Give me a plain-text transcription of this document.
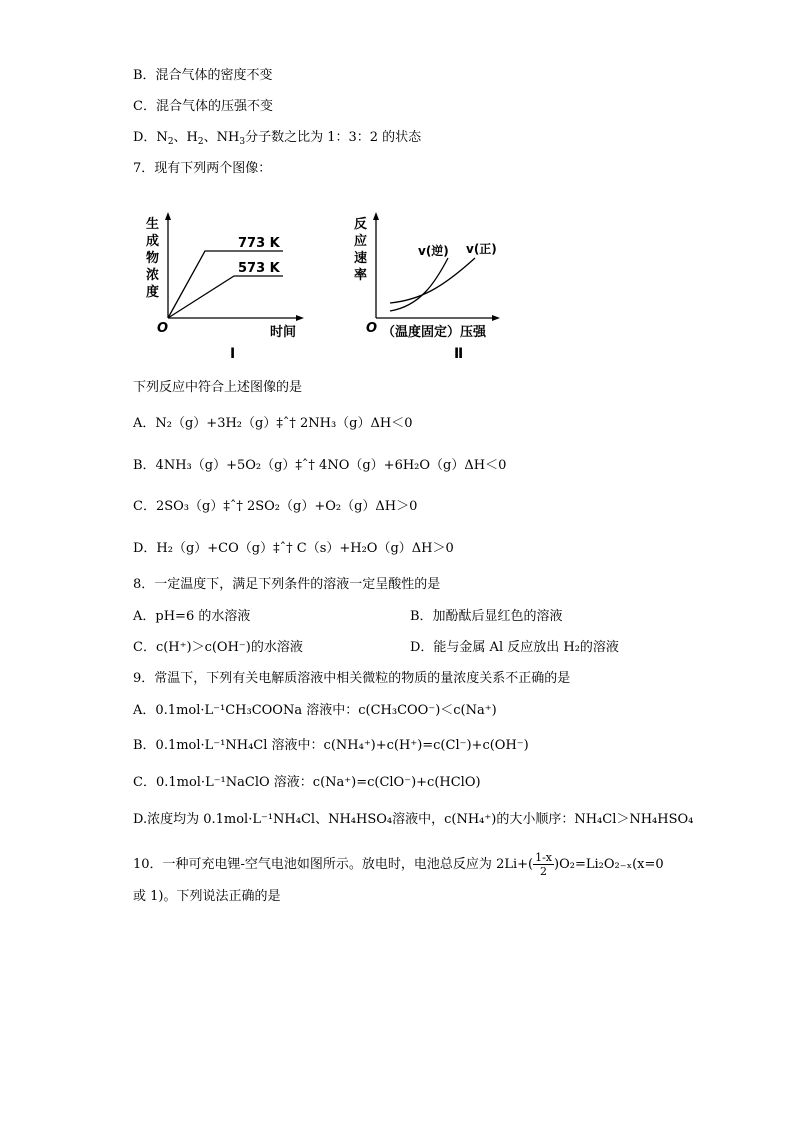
B．混合气体的密度不变
C．混合气体的压强不变
D．$N_2$、$H_2$、$NH_3$分子数之比为 1：3：2 的状态
7．现有下列两个图像：
生
成
物
浓
度
773 K
573 K
O	时间
Ⅰ
反
应
速
率
v(逆) v(正)
O （温度固定）压强
Ⅱ
下列反应中符合上述图像的是
A．N₂（g）+3H₂（g）‡ˆ† 2NH₃（g）ΔH＜0
B．4NH₃（g）+5O₂（g）‡ˆ† 4NO（g）+6H₂O（g）ΔH＜0
C．2SO₃（g）‡ˆ† 2SO₂（g）+O₂（g）ΔH＞0
D．H₂（g）+CO（g）‡ˆ† C（s）+H₂O（g）ΔH＞0
8．一定温度下，满足下列条件的溶液一定呈酸性的是
A．pH=6 的水溶液	B．加酚酞后显红色的溶液
C．c(H⁺)＞c(OH⁻)的水溶液	D．能与金属 Al 反应放出 H₂的溶液
9．常温下，下列有关电解质溶液中相关微粒的物质的量浓度关系不正确的是
A．0.1mol·L⁻¹CH₃COONa 溶液中：c(CH₃COO⁻)＜c(Na⁺)
B．0.1mol·L⁻¹NH₄Cl 溶液中：c(NH₄⁺)+c(H⁺)=c(Cl⁻)+c(OH⁻)
C．0.1mol·L⁻¹NaClO 溶液：c(Na⁺)=c(ClO⁻)+c(HClO)
D.浓度均为 0.1mol·L⁻¹NH₄Cl、NH₄HSO₄溶液中，c(NH₄⁺)的大小顺序：NH₄Cl＞NH₄HSO₄
10．一种可充电锂-空气电池如图所示。放电时，电池总反应为 $2Li+( \frac{1-x}{2} )O_2=Li_2O_{2-x}(x=0$
或 1)。下列说法正确的是
